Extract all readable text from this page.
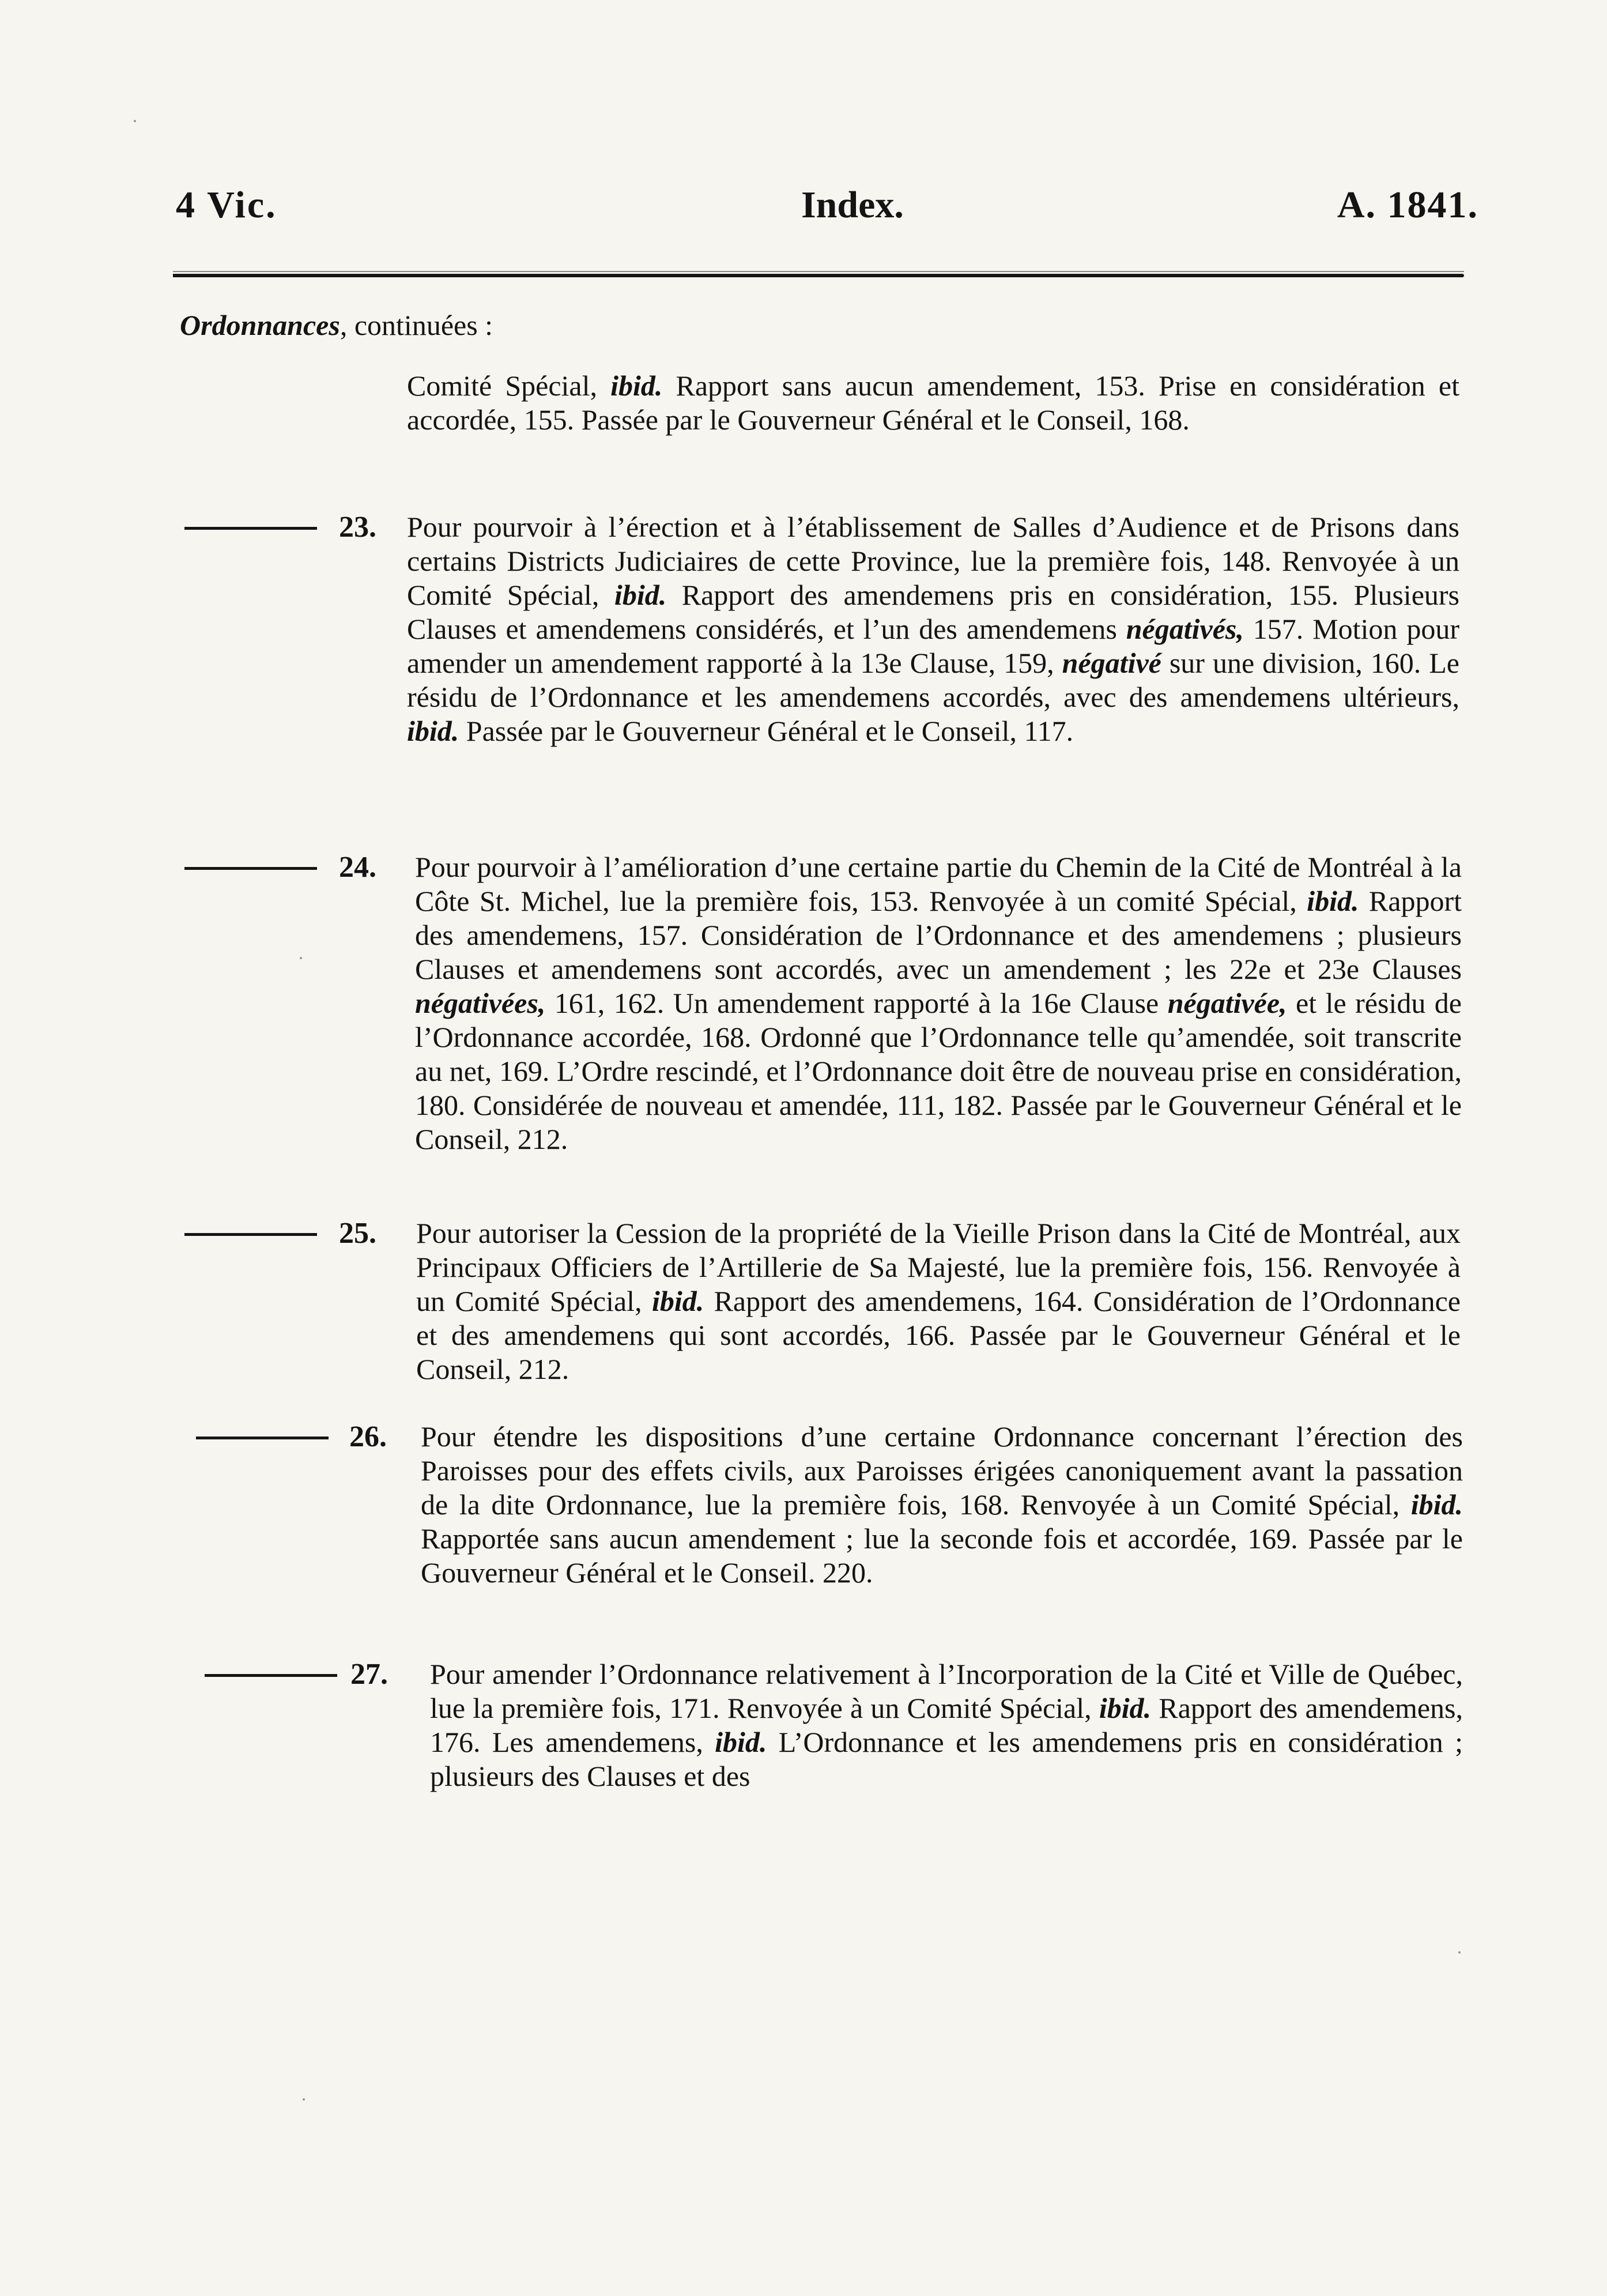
4 Vic.	Index.	A. 1841.
Ordonnances, continuées :
Comité Spécial, ibid. Rapport sans aucun amendement, 153. Prise en considération et accordée, 155. Passée par le Gouverneur Général et le Conseil, 168.
23. Pour pourvoir à l’érection et à l’établissement de Salles d’Audience et de Prisons dans certains Districts Judiciaires de cette Province, lue la première fois, 148. Renvoyée à un Comité Spécial, ibid. Rapport des amendemens pris en considération, 155. Plusieurs Clauses et amendemens considérés, et l’un des amendemens négativés, 157. Motion pour amender un amendement rapporté à la 13e Clause, 159, négativé sur une division, 160. Le résidu de l’Ordonnance et les amendemens accordés, avec des amendemens ultérieurs, ibid. Passée par le Gouverneur Général et le Conseil, 117.
24. Pour pourvoir à l’amélioration d’une certaine partie du Chemin de la Cité de Montréal à la Côte St. Michel, lue la première fois, 153. Renvoyée à un comité Spécial, ibid. Rapport des amendemens, 157. Considération de l’Ordonnance et des amendemens ; plusieurs Clauses et amendemens sont accordés, avec un amendement ; les 22e et 23e Clauses négativées, 161, 162. Un amendement rapporté à la 16e Clause négativée, et le résidu de l’Ordonnance accordée, 168. Ordonné que l’Ordonnance telle qu’amendée, soit transcrite au net, 169. L’Ordre rescindé, et l’Ordonnance doit être de nouveau prise en considération, 180. Considérée de nouveau et amendée, 111, 182. Passée par le Gouverneur Général et le Conseil, 212.
25. Pour autoriser la Cession de la propriété de la Vieille Prison dans la Cité de Montréal, aux Principaux Officiers de l’Artillerie de Sa Majesté, lue la première fois, 156. Renvoyée à un Comité Spécial, ibid. Rapport des amendemens, 164. Considération de l’Ordonnance et des amendemens qui sont accordés, 166. Passée par le Gouverneur Général et le Conseil, 212.
26. Pour étendre les dispositions d’une certaine Ordonnance concernant l’érection des Paroisses pour des effets civils, aux Paroisses érigées canoniquement avant la passation de la dite Ordonnance, lue la première fois, 168. Renvoyée à un Comité Spécial, ibid. Rapportée sans aucun amendement ; lue la seconde fois et accordée, 169. Passée par le Gouverneur Général et le Conseil. 220.
27. Pour amender l’Ordonnance relativement à l’Incorporation de la Cité et Ville de Québec, lue la première fois, 171. Renvoyée à un Comité Spécial, ibid. Rapport des amendemens, 176. Les amendemens, ibid. L’Ordonnance et les amendemens pris en considération ; plusieurs des Clauses et des
